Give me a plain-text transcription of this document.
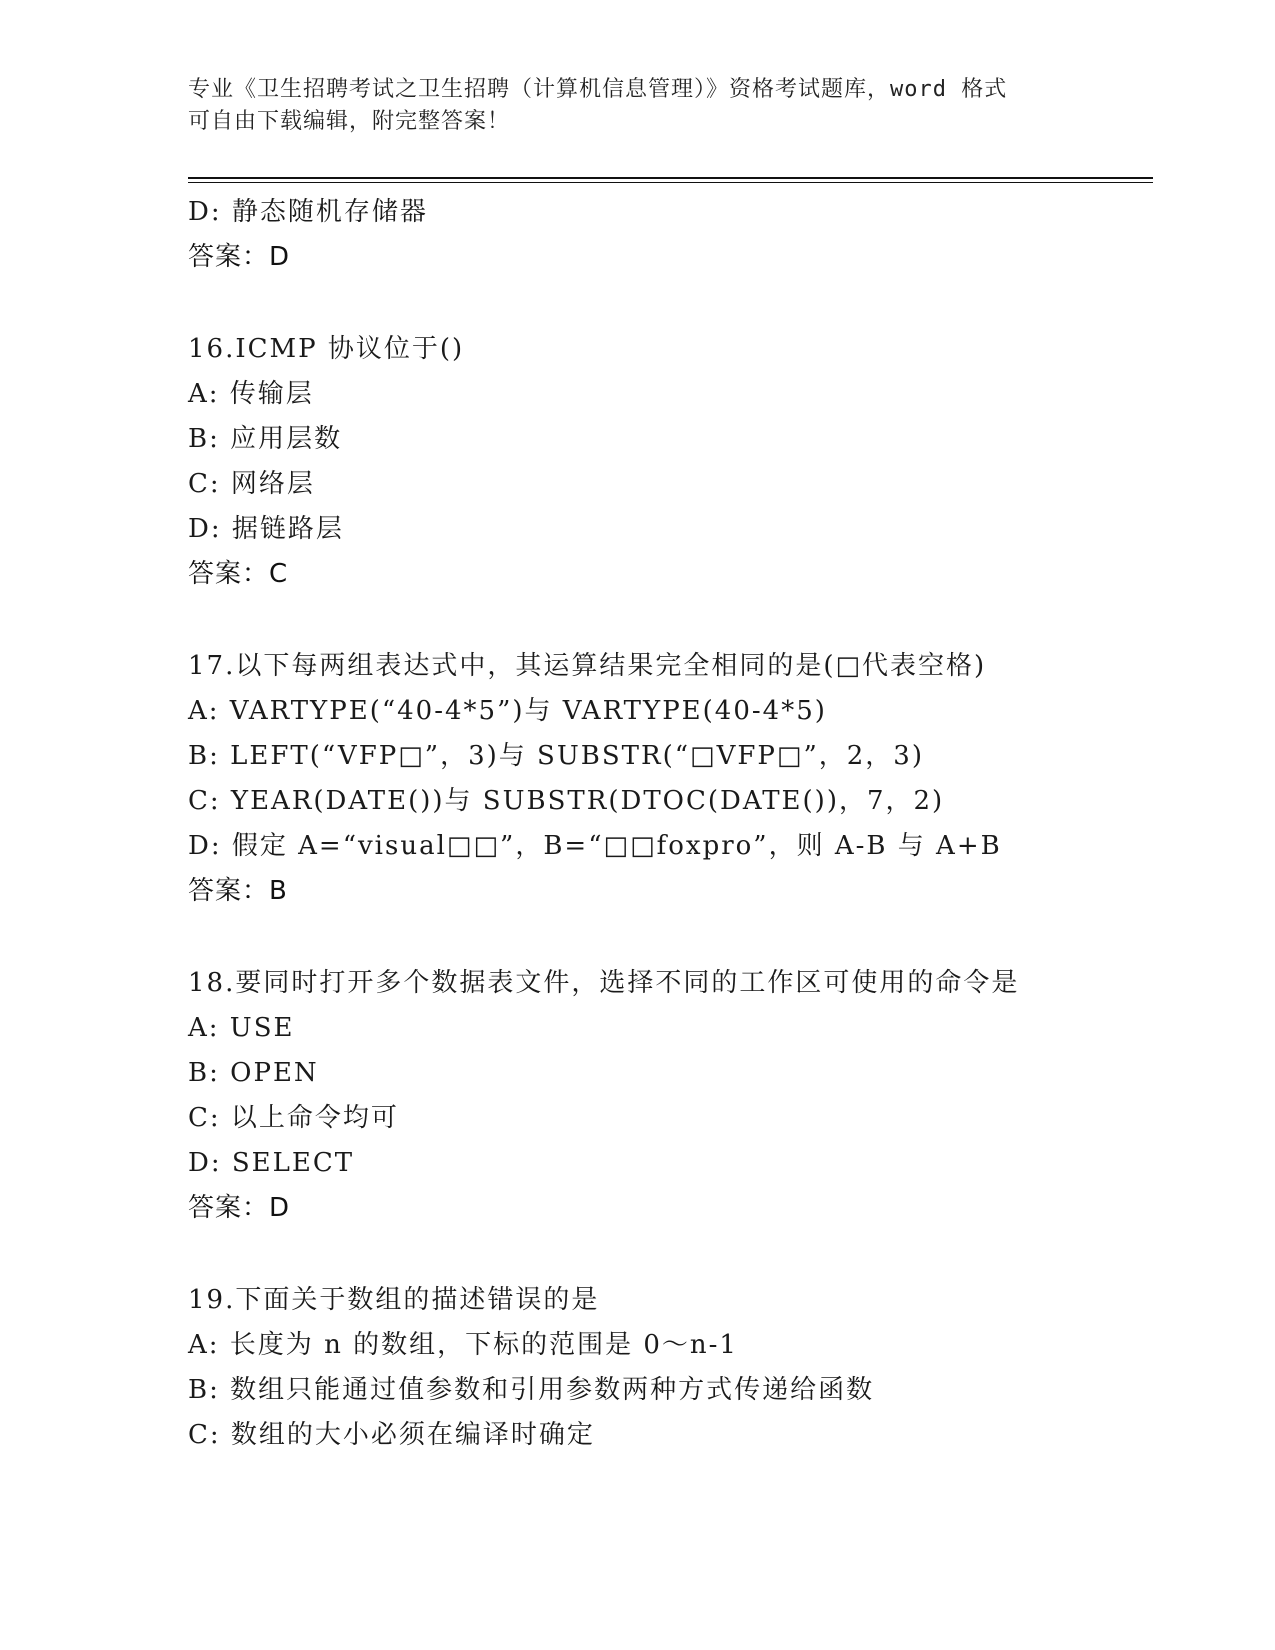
专业《卫生招聘考试之卫生招聘（计算机信息管理）》资格考试题库，word 格式
可自由下载编辑，附完整答案！
D: 静态随机存储器
答案：D
16.ICMP 协议位于()
A: 传输层
B: 应用层数
C: 网络层
D: 据链路层
答案：C
17.以下每两组表达式中，其运算结果完全相同的是(□代表空格)
A: VARTYPE(“40-4*5”)与 VARTYPE(40-4*5)
B: LEFT(“VFP□”，3)与 SUBSTR(“□VFP□”，2，3)
C: YEAR(DATE())与 SUBSTR(DTOC(DATE())，7，2)
D: 假定 A=“visual□□”，B=“□□foxpro”，则 A-B 与 A+B
答案：B
18.要同时打开多个数据表文件，选择不同的工作区可使用的命令是
A: USE
B: OPEN
C: 以上命令均可
D: SELECT
答案：D
19.下面关于数组的描述错误的是
A: 长度为 n 的数组，下标的范围是 0～n-1
B: 数组只能通过值参数和引用参数两种方式传递给函数
C: 数组的大小必须在编译时确定
